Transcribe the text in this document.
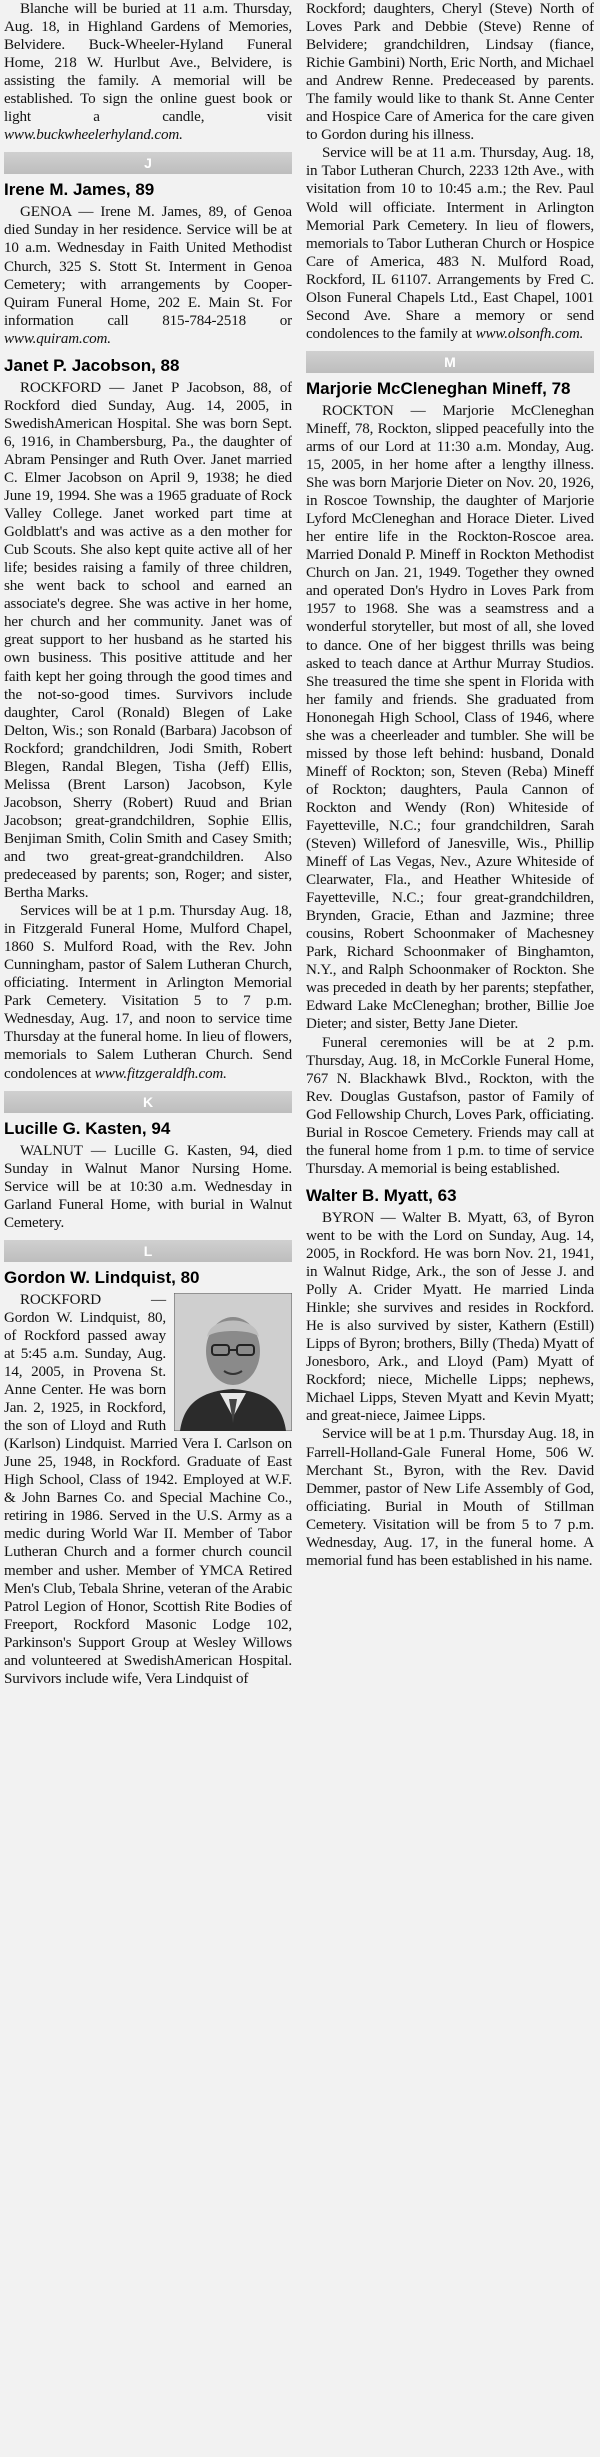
Blanche will be buried at 11 a.m. Thursday, Aug. 18, in Highland Gardens of Memories, Belvidere. Buck-Wheeler-Hyland Funeral Home, 218 W. Hurlbut Ave., Belvidere, is assisting the family. A memorial will be established. To sign the online guest book or light a candle, visit www.buckwheelerhyland.com.

J
Irene M. James, 89

GENOA — Irene M. James, 89, of Genoa died Sunday in her residence. Service will be at 10 a.m. Wednesday in Faith United Methodist Church, 325 S. Stott St. Interment in Genoa Cemetery; with arrangements by Cooper-Quiram Funeral Home, 202 E. Main St. For information call 815-784-2518 or www.quiram.com.

Janet P. Jacobson, 88

ROCKFORD — Janet P Jacobson, 88, of Rockford died Sunday, Aug. 14, 2005, in SwedishAmerican Hospital. She was born Sept. 6, 1916, in Chambersburg, Pa., the daughter of Abram Pensinger and Ruth Over. Janet married C. Elmer Jacobson on April 9, 1938; he died June 19, 1994. She was a 1965 graduate of Rock Valley College. Janet worked part time at Goldblatt's and was active as a den mother for Cub Scouts. She also kept quite active all of her life; besides raising a family of three children, she went back to school and earned an associate's degree. She was active in her home, her church and her community. Janet was of great support to her husband as he started his own business. This positive attitude and her faith kept her going through the good times and the not-so-good times. Survivors include daughter, Carol (Ronald) Blegen of Lake Delton, Wis.; son Ronald (Barbara) Jacobson of Rockford; grandchildren, Jodi Smith, Robert Blegen, Randal Blegen, Tisha (Jeff) Ellis, Melissa (Brent Larson) Jacobson, Kyle Jacobson, Sherry (Robert) Ruud and Brian Jacobson; great-grandchildren, Sophie Ellis, Benjiman Smith, Colin Smith and Casey Smith; and two great-great-grandchildren. Also predeceased by parents; son, Roger; and sister, Bertha Marks.

Services will be at 1 p.m. Thursday Aug. 18, in Fitzgerald Funeral Home, Mulford Chapel, 1860 S. Mulford Road, with the Rev. John Cunningham, pastor of Salem Lutheran Church, officiating. Interment in Arlington Memorial Park Cemetery. Visitation 5 to 7 p.m. Wednesday, Aug. 17, and noon to service time Thursday at the funeral home. In lieu of flowers, memorials to Salem Lutheran Church. Send condolences at www.fitzgeraldfh.com.

K
Lucille G. Kasten, 94

WALNUT — Lucille G. Kasten, 94, died Sunday in Walnut Manor Nursing Home. Service will be at 10:30 a.m. Wednesday in Garland Funeral Home, with burial in Walnut Cemetery.

L
Gordon W. Lindquist, 80

ROCKFORD — Gordon W. Lindquist, 80, of Rockford passed away at 5:45 a.m. Sunday, Aug. 14, 2005, in Provena St. Anne Center. He was born Jan. 2, 1925, in Rockford, the son of Lloyd and Ruth (Karlson) Lindquist. Married Vera I. Carlson on June 25, 1948, in Rockford. Graduate of East High School, Class of 1942. Employed at W.F. & John Barnes Co. and Special Machine Co., retiring in 1986. Served in the U.S. Army as a medic during World War II. Member of Tabor Lutheran Church and a former church council member and usher. Member of YMCA Retired Men's Club, Tebala Shrine, veteran of the Arabic Patrol Legion of Honor, Scottish Rite Bodies of Freeport, Rockford Masonic Lodge 102, Parkinson's Support Group at Wesley Willows and volunteered at SwedishAmerican Hospital. Survivors include wife, Vera Lindquist of

Rockford; daughters, Cheryl (Steve) North of Loves Park and Debbie (Steve) Renne of Belvidere; grandchildren, Lindsay (fiance, Richie Gambini) North, Eric North, and Michael and Andrew Renne. Predeceased by parents. The family would like to thank St. Anne Center and Hospice Care of America for the care given to Gordon during his illness.

Service will be at 11 a.m. Thursday, Aug. 18, in Tabor Lutheran Church, 2233 12th Ave., with visitation from 10 to 10:45 a.m.; the Rev. Paul Wold will officiate. Interment in Arlington Memorial Park Cemetery. In lieu of flowers, memorials to Tabor Lutheran Church or Hospice Care of America, 483 N. Mulford Road, Rockford, IL 61107. Arrangements by Fred C. Olson Funeral Chapels Ltd., East Chapel, 1001 Second Ave. Share a memory or send condolences to the family at www.olsonfh.com.

M
Marjorie McCleneghan Mineff, 78

ROCKTON — Marjorie McCleneghan Mineff, 78, Rockton, slipped peacefully into the arms of our Lord at 11:30 a.m. Monday, Aug. 15, 2005, in her home after a lengthy illness. She was born Marjorie Dieter on Nov. 20, 1926, in Roscoe Township, the daughter of Marjorie Lyford McCleneghan and Horace Dieter. Lived her entire life in the Rockton-Roscoe area. Married Donald P. Mineff in Rockton Methodist Church on Jan. 21, 1949. Together they owned and operated Don's Hydro in Loves Park from 1957 to 1968. She was a seamstress and a wonderful storyteller, but most of all, she loved to dance. One of her biggest thrills was being asked to teach dance at Arthur Murray Studios. She treasured the time she spent in Florida with her family and friends. She graduated from Hononegah High School, Class of 1946, where she was a cheerleader and tumbler. She will be missed by those left behind: husband, Donald Mineff of Rockton; son, Steven (Reba) Mineff of Rockton; daughters, Paula Cannon of Rockton and Wendy (Ron) Whiteside of Fayetteville, N.C.; four grandchildren, Sarah (Steven) Willeford of Janesville, Wis., Phillip Mineff of Las Vegas, Nev., Azure Whiteside of Clearwater, Fla., and Heather Whiteside of Fayetteville, N.C.; four great-grandchildren, Brynden, Gracie, Ethan and Jazmine; three cousins, Robert Schoonmaker of Machesney Park, Richard Schoonmaker of Binghamton, N.Y., and Ralph Schoonmaker of Rockton. She was preceded in death by her parents; stepfather, Edward Lake McCleneghan; brother, Billie Joe Dieter; and sister, Betty Jane Dieter.

Funeral ceremonies will be at 2 p.m. Thursday, Aug. 18, in McCorkle Funeral Home, 767 N. Blackhawk Blvd., Rockton, with the Rev. Douglas Gustafson, pastor of Family of God Fellowship Church, Loves Park, officiating. Burial in Roscoe Cemetery. Friends may call at the funeral home from 1 p.m. to time of service Thursday. A memorial is being established.

Walter B. Myatt, 63

BYRON — Walter B. Myatt, 63, of Byron went to be with the Lord on Sunday, Aug. 14, 2005, in Rockford. He was born Nov. 21, 1941, in Walnut Ridge, Ark., the son of Jesse J. and Polly A. Crider Myatt. He married Linda Hinkle; she survives and resides in Rockford. He is also survived by sister, Kathern (Estill) Lipps of Byron; brothers, Billy (Theda) Myatt of Jonesboro, Ark., and Lloyd (Pam) Myatt of Rockford; niece, Michelle Lipps; nephews, Michael Lipps, Steven Myatt and Kevin Myatt; and great-niece, Jaimee Lipps.

Service will be at 1 p.m. Thursday Aug. 18, in Farrell-Holland-Gale Funeral Home, 506 W. Merchant St., Byron, with the Rev. David Demmer, pastor of New Life Assembly of God, officiating. Burial in Mouth of Stillman Cemetery. Visitation will be from 5 to 7 p.m. Wednesday, Aug. 17, in the funeral home. A memorial fund has been established in his name.
